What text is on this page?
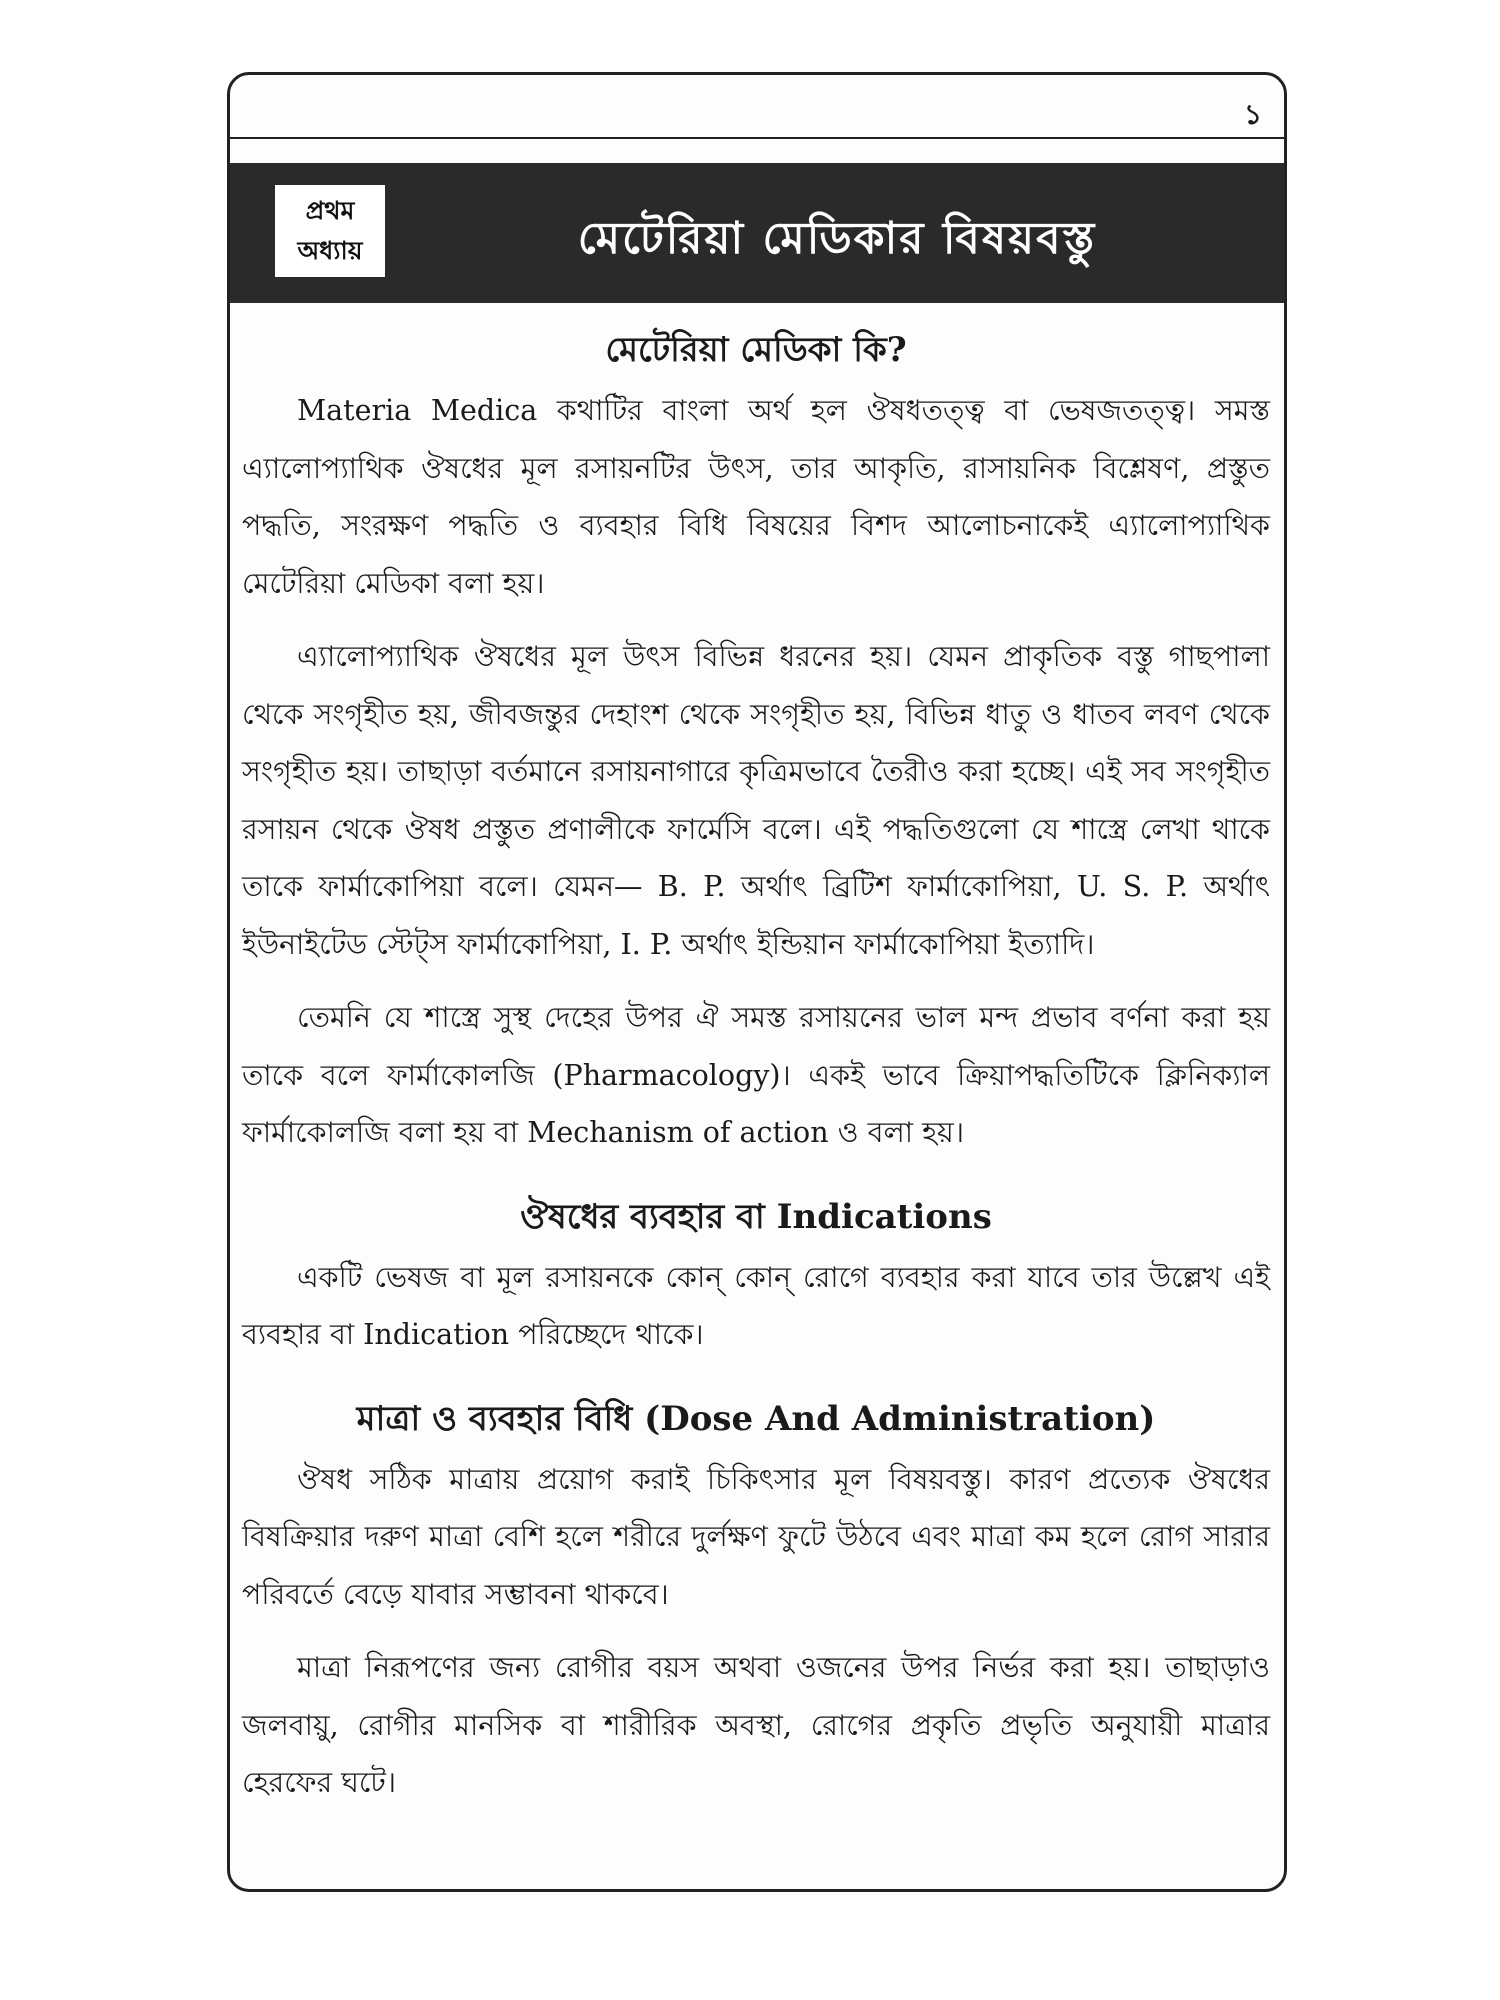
১
প্রথম
অধ্যায়	মেটেরিয়া মেডিকার বিষয়বস্তু
মেটেরিয়া মেডিকা কি?

Materia Medica কথাটির বাংলা অর্থ হল ঔষধতত্ত্ব বা ভেষজতত্ত্ব। সমস্ত এ্যালোপ্যাথিক ঔষধের মূল রসায়নটির উৎস, তার আকৃতি, রাসায়নিক বিশ্লেষণ, প্রস্তুত পদ্ধতি, সংরক্ষণ পদ্ধতি ও ব্যবহার বিধি বিষয়ের বিশদ আলোচনাকেই এ্যালোপ্যাথিক মেটেরিয়া মেডিকা বলা হয়।

এ্যালোপ্যাথিক ঔষধের মূল উৎস বিভিন্ন ধরনের হয়। যেমন প্রাকৃতিক বস্তু গাছপালা থেকে সংগৃহীত হয়, জীবজন্তুর দেহাংশ থেকে সংগৃহীত হয়, বিভিন্ন ধাতু ও ধাতব লবণ থেকে সংগৃহীত হয়। তাছাড়া বর্তমানে রসায়নাগারে কৃত্রিমভাবে তৈরীও করা হচ্ছে। এই সব সংগৃহীত রসায়ন থেকে ঔষধ প্রস্তুত প্রণালীকে ফার্মেসি বলে। এই পদ্ধতিগুলো যে শাস্ত্রে লেখা থাকে তাকে ফার্মাকোপিয়া বলে। যেমন— B. P. অর্থাৎ ব্রিটিশ ফার্মাকোপিয়া, U. S. P. অর্থাৎ ইউনাইটেড স্টেট্স ফার্মাকোপিয়া, I. P. অর্থাৎ ইন্ডিয়ান ফার্মাকোপিয়া ইত্যাদি।

তেমনি যে শাস্ত্রে সুস্থ দেহের উপর ঐ সমস্ত রসায়নের ভাল মন্দ প্রভাব বর্ণনা করা হয় তাকে বলে ফার্মাকোলজি (Pharmacology)। একই ভাবে ক্রিয়াপদ্ধতিটিকে ক্লিনিক্যাল ফার্মাকোলজি বলা হয় বা Mechanism of action ও বলা হয়।

ঔষধের ব্যবহার বা Indications

একটি ভেষজ বা মূল রসায়নকে কোন্ কোন্ রোগে ব্যবহার করা যাবে তার উল্লেখ এই ব্যবহার বা Indication পরিচ্ছেদে থাকে।

মাত্রা ও ব্যবহার বিধি (Dose And Administration)

ঔষধ সঠিক মাত্রায় প্রয়োগ করাই চিকিৎসার মূল বিষয়বস্তু। কারণ প্রত্যেক ঔষধের বিষক্রিয়ার দরুণ মাত্রা বেশি হলে শরীরে দুর্লক্ষণ ফুটে উঠবে এবং মাত্রা কম হলে রোগ সারার পরিবর্তে বেড়ে যাবার সম্ভাবনা থাকবে।

মাত্রা নিরূপণের জন্য রোগীর বয়স অথবা ওজনের উপর নির্ভর করা হয়। তাছাড়াও জলবায়ু, রোগীর মানসিক বা শারীরিক অবস্থা, রোগের প্রকৃতি প্রভৃতি অনুযায়ী মাত্রার হেরফের ঘটে।
